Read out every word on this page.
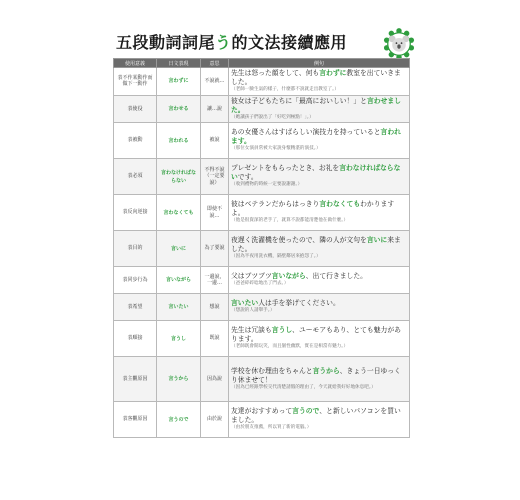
五段動詞詞尾う的文法接續應用
使用意義	日文表現	意思	例句
表不作某動作而做下一動作	言わずに	不說就…	先生は怒った顔をして、何も言わずに教室を出ていきました。
（老師一臉生氣的樣子，什麼都不說就走出教室了。）

表使役	言わせる	讓…說	彼女は子どもたちに「最高においしい！」と言わせました。
（她讓孩子們說出了「好吃到極點！」。）

表被動	言われる	被說	あの女優さんはすばらしい演技力を持っていると言われます。
（那位女演員常被大家說身懷精湛的演技。）

表必須	言わなければならない	不得不說（一定要說）	プレゼントをもらったとき、お礼を言わなければならないです。
（收到禮物的時候一定要說謝謝。）

表反向逆接	言わなくても	即使不說…	彼はベテランだからはっきり言わなくてもわかりますよ。
（他是很資深的老手了，就算不說都能清楚他在做什麼。）

表目的	言いに	為了要說	夜遅く洗濯機を使ったので、隣の人が文句を言いに来ました。
（因為半夜用洗衣機，隔壁鄰居來抱怨了。）

表同步行為	言いながら	一邊說，一邊…	父はブツブツ言いながら、出て行きました。
（爸爸碎碎唸地出了門去。）

表希望	言いたい	想說	言いたい人は手を挙げてください。
（想說的人請舉手。）

表順接	言うし	既說	先生は冗談も言うし、ユーモアもあり、とても魅力があります。
（老師既會開玩笑，而且個性幽默，實在是相當有魅力。）

表主觀原因	言うから	因為說	学校を休む理由をちゃんと言うから、きょう一日ゆっくり休ませて！
（因為已經跟學校交代清楚請假的理由了，今天就給我好好地休息吧。）

表客觀原因	言うので	由於說	友達がおすすめって言うので、と新しいパソコンを買いました。
（由於朋友推薦，所以買了新的電腦。）
